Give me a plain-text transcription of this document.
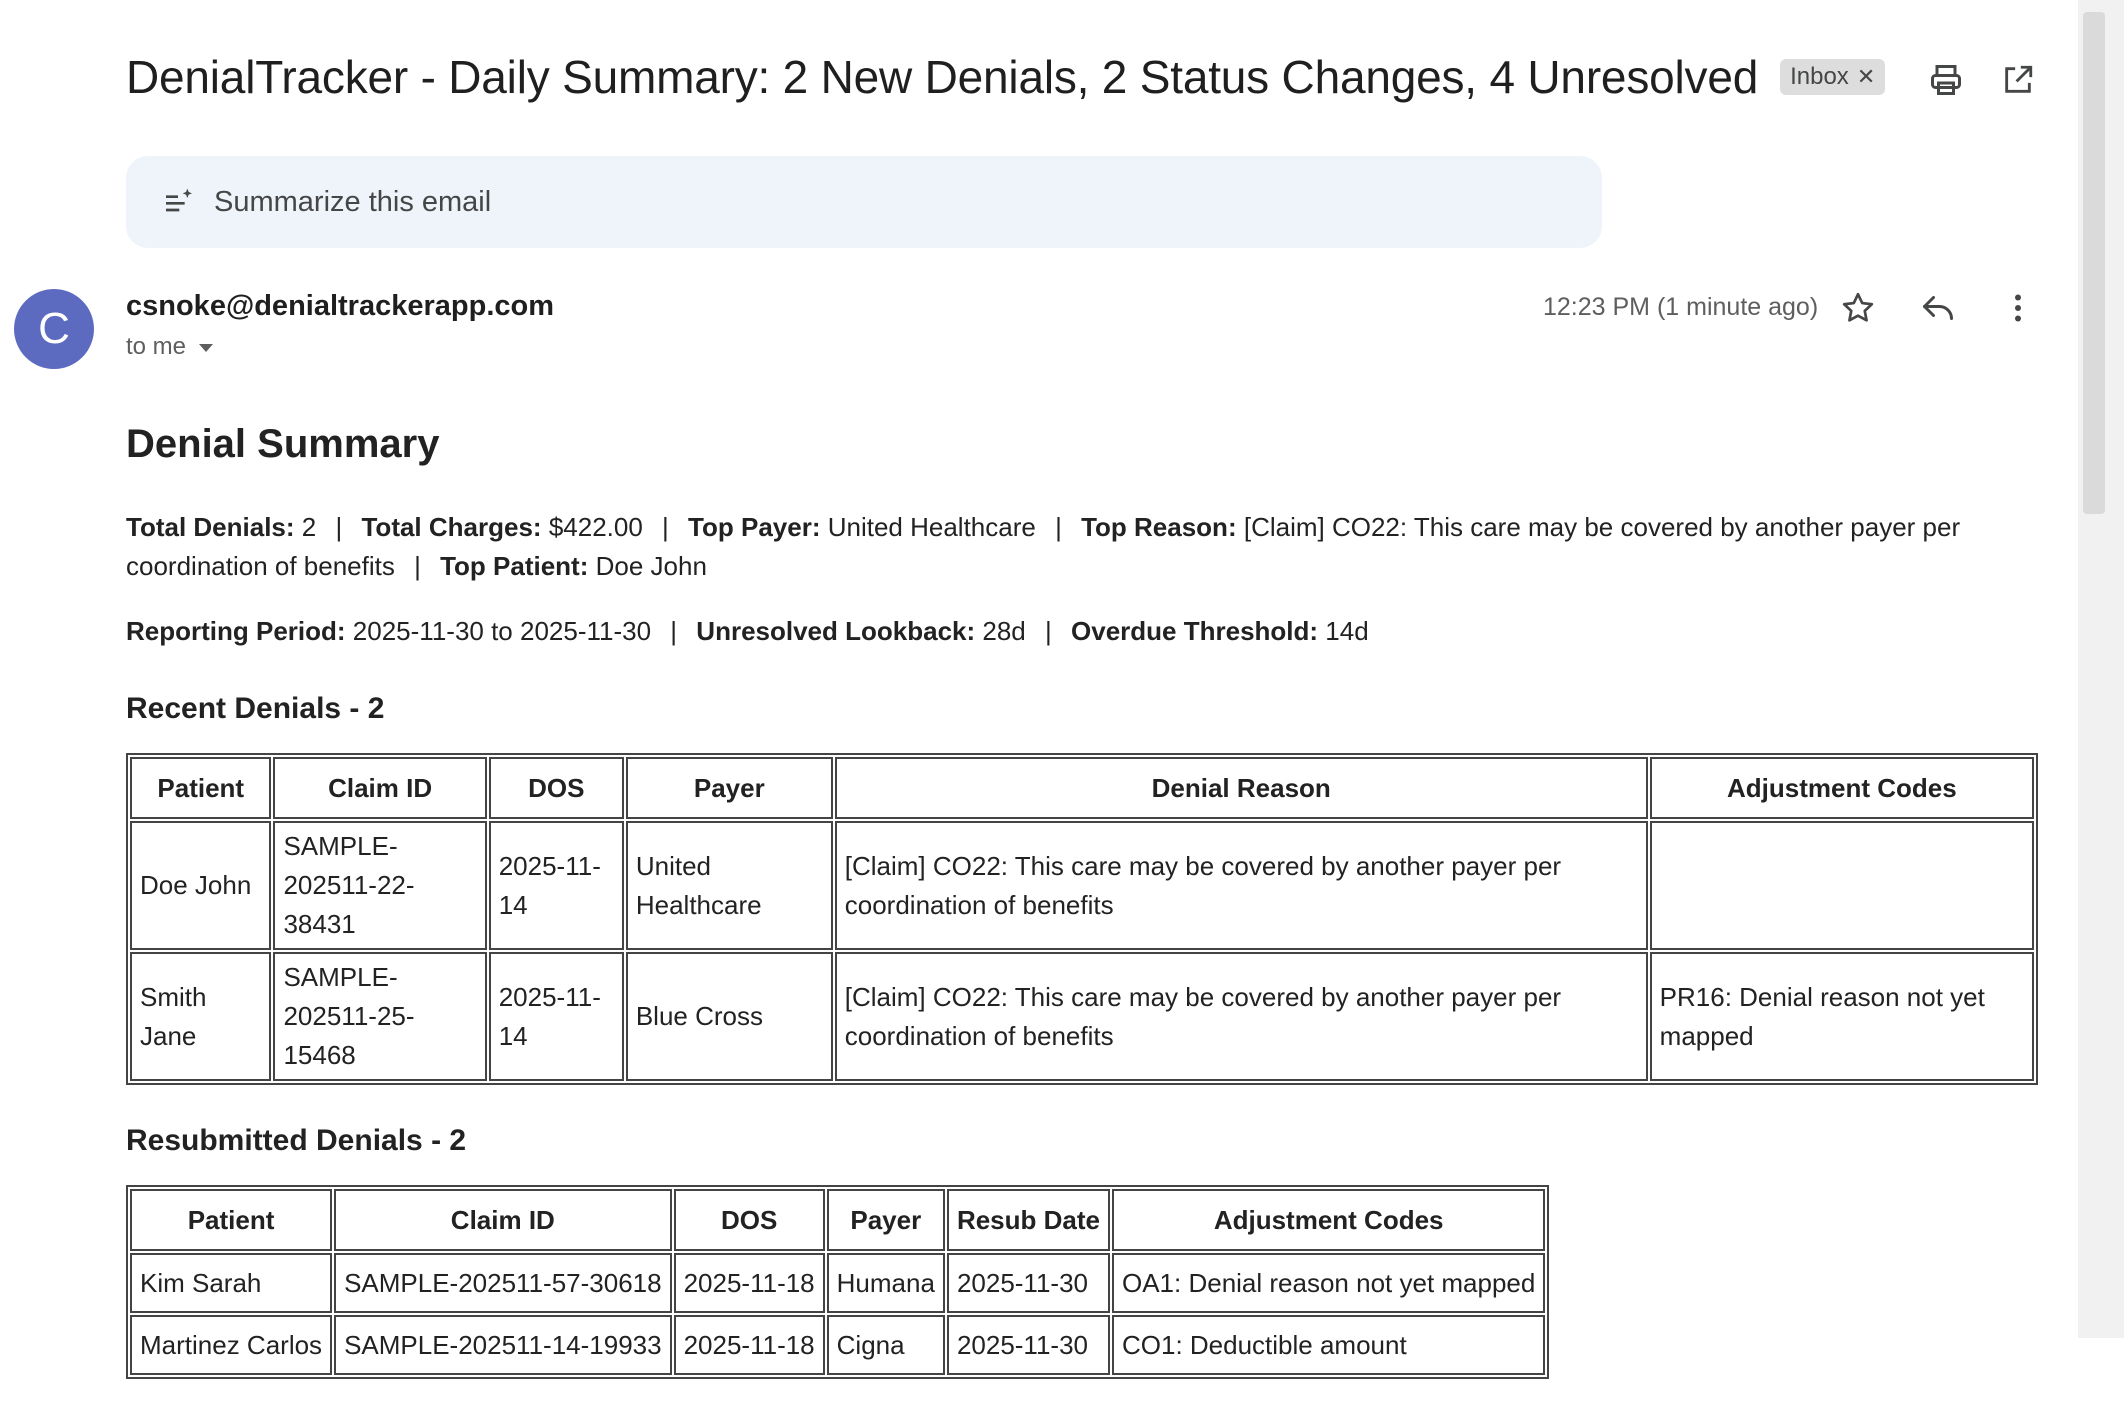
DenialTracker - Daily Summary: 2 New Denials, 2 Status Changes, 4 Unresolved Inbox ✕
Summarize this email
C	csnoke@denialtrackerapp.com
to me
12:23 PM (1 minute ago)
Denial Summary

Total Denials: 2 | Total Charges: $422.00 | Top Payer: United Healthcare | Top Reason: [Claim] CO22: This care may be covered by another payer per coordination of benefits | Top Patient: Doe John

Reporting Period: 2025-11-30 to 2025-11-30 | Unresolved Lookback: 28d | Overdue Threshold: 14d

Recent Denials - 2
Patient	Claim ID	DOS	Payer	Denial Reason	Adjustment Codes
Doe John	SAMPLE-202511-22-38431	2025-11-14	United Healthcare	[Claim] CO22: This care may be covered by another payer per coordination of benefits	
Smith Jane	SAMPLE-202511-25-15468	2025-11-14	Blue Cross	[Claim] CO22: This care may be covered by another payer per coordination of benefits	PR16: Denial reason not yet mapped
Resubmitted Denials - 2
Patient	Claim ID	DOS	Payer	Resub Date	Adjustment Codes
Kim Sarah	SAMPLE-202511-57-30618	2025-11-18	Humana	2025-11-30	OA1: Denial reason not yet mapped
Martinez Carlos	SAMPLE-202511-14-19933	2025-11-18	Cigna	2025-11-30	CO1: Deductible amount
